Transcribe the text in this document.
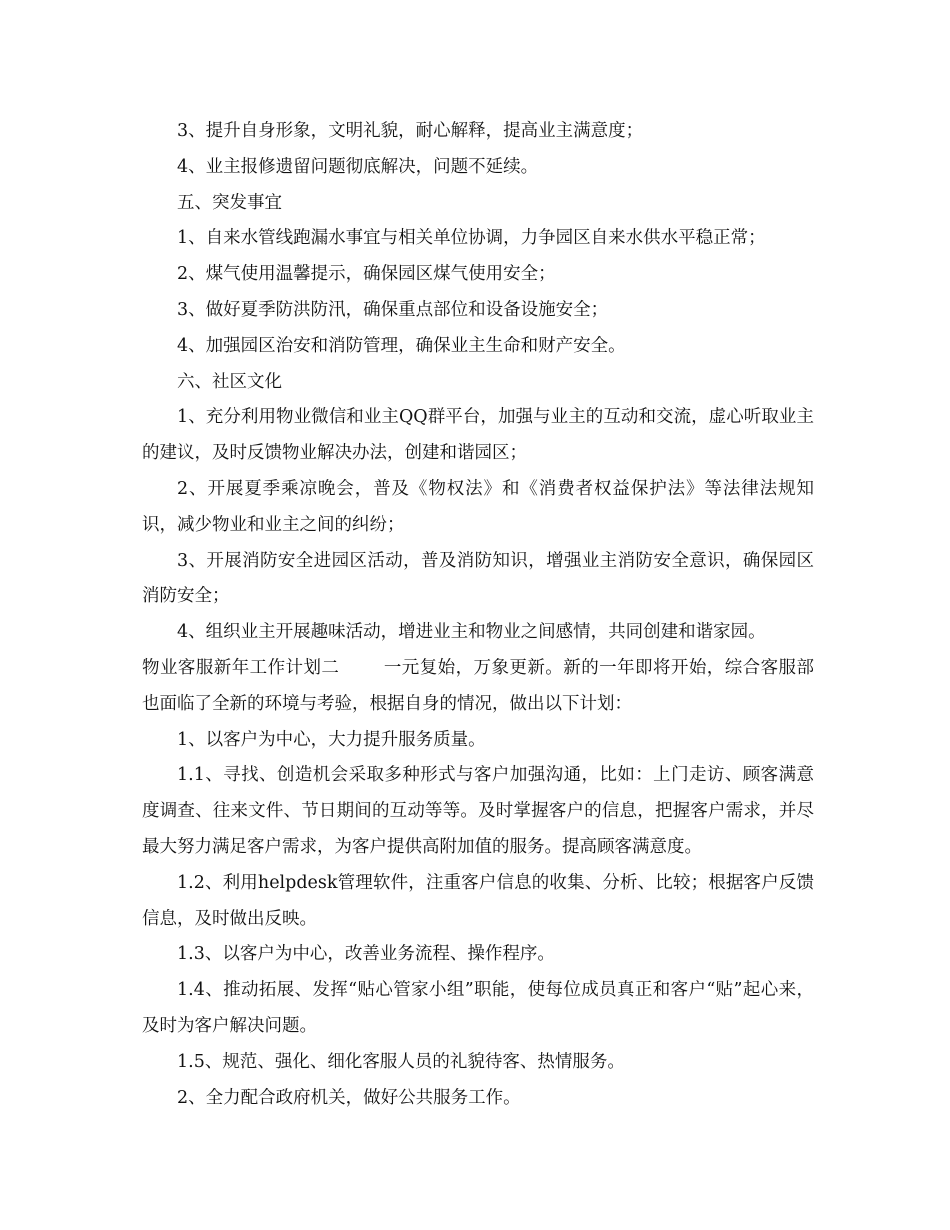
3、提升自身形象，文明礼貌，耐心解释，提高业主满意度；

4、业主报修遗留问题彻底解决，问题不延续。

五、突发事宜

1、自来水管线跑漏水事宜与相关单位协调，力争园区自来水供水平稳正常；

2、煤气使用温馨提示，确保园区煤气使用安全；

3、做好夏季防洪防汛，确保重点部位和设备设施安全；

4、加强园区治安和消防管理，确保业主生命和财产安全。

六、社区文化

1、充分利用物业微信和业主QQ群平台，加强与业主的互动和交流，虚心听取业主的建议，及时反馈物业解决办法，创建和谐园区；

2、开展夏季乘凉晚会，普及《物权法》和《消费者权益保护法》等法律法规知识，减少物业和业主之间的纠纷；

3、开展消防安全进园区活动，普及消防知识，增强业主消防安全意识，确保园区消防安全；

4、组织业主开展趣味活动，增进业主和物业之间感情，共同创建和谐家园。

物业客服新年工作计划二	一元复始，万象更新。新的一年即将开始，综合客服部也面临了全新的环境与考验，根据自身的情况，做出以下计划：

1、以客户为中心，大力提升服务质量。

1.1、寻找、创造机会采取多种形式与客户加强沟通，比如：上门走访、顾客满意度调查、往来文件、节日期间的互动等等。及时掌握客户的信息，把握客户需求，并尽最大努力满足客户需求，为客户提供高附加值的服务。提高顾客满意度。

1.2、利用helpdesk管理软件，注重客户信息的收集、分析、比较；根据客户反馈信息，及时做出反映。

1.3、以客户为中心，改善业务流程、操作程序。

1.4、推动拓展、发挥“贴心管家小组”职能，使每位成员真正和客户“贴”起心来，及时为客户解决问题。

1.5、规范、强化、细化客服人员的礼貌待客、热情服务。

2、全力配合政府机关，做好公共服务工作。
